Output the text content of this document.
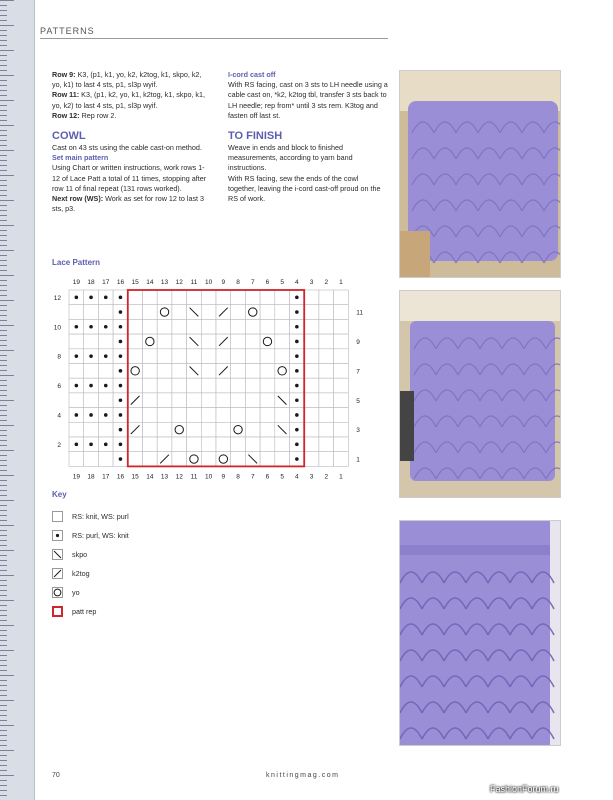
PATTERNS

Row 9: K3, (p1, k1, yo, k2, k2tog, k1, skpo, k2, yo, k1) to last 4 sts, p1, sl3p wyif.

Row 11: K3, (p1, k2, yo, k1, k2tog, k1, skpo, k1, yo, k2) to last 4 sts, p1, sl3p wyif.

Row 12: Rep row 2.

COWL

Cast on 43 sts using the cable cast-on method.

Set main pattern

Using Chart or written instructions, work rows 1-12 of Lace Patt a total of 11 times, stopping after row 11 of final repeat (131 rows worked).

Next row (WS): Work as set for row 12 to last 3 sts, p3.

I-cord cast off

With RS facing, cast on 3 sts to LH needle using a cable cast on, *k2, k2tog tbl, transfer 3 sts back to LH needle; rep from* until 3 sts rem. K3tog and fasten off last st.

TO FINISH

Weave in ends and block to finished measurements, according to yarn band instructions.

With RS facing, sew the ends of the cowl together, leaving the i-cord cast-off proud on the RS of work.

Lace Pattern
19
19
18
18
17
17
16
16
15
15
14
14
13
13
12
12
11
11
10
10
9
9
8
8
7
7
6
6
5
5
4
4
3
3
2
2
1
1
12
11
10
9
8
7
6
5
4
3
2
1
Key
RS: knit, WS: purl
RS: purl, WS: knit
skpo
k2tog
yo
patt rep
70	knittingmag.com
FashionForum.ru
